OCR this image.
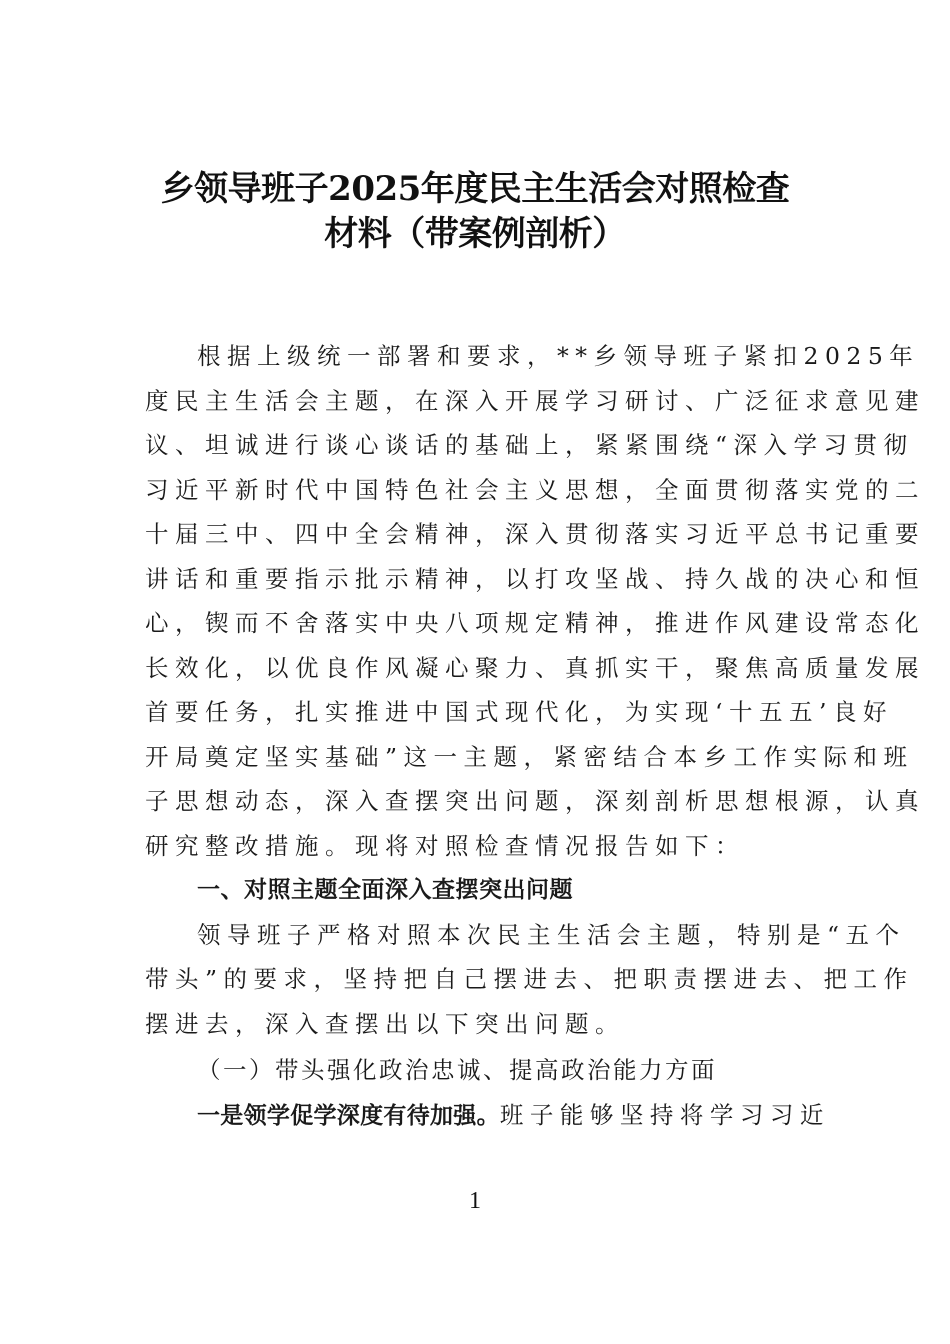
乡领导班子2025年度民主生活会对照检查
材料（带案例剖析）
根据上级统一部署和要求，**乡领导班子紧扣2025年
度民主生活会主题，在深入开展学习研讨、广泛征求意见建
议、坦诚进行谈心谈话的基础上，紧紧围绕“深入学习贯彻
习近平新时代中国特色社会主义思想，全面贯彻落实党的二
十届三中、四中全会精神，深入贯彻落实习近平总书记重要
讲话和重要指示批示精神，以打攻坚战、持久战的决心和恒
心，锲而不舍落实中央八项规定精神，推进作风建设常态化
长效化，以优良作风凝心聚力、真抓实干，聚焦高质量发展
首要任务，扎实推进中国式现代化，为实现‘十五五’良好
开局奠定坚实基础”这一主题，紧密结合本乡工作实际和班
子思想动态，深入查摆突出问题，深刻剖析思想根源，认真
研究整改措施。现将对照检查情况报告如下：
一、对照主题全面深入查摆突出问题
领导班子严格对照本次民主生活会主题，特别是“五个
带头”的要求，坚持把自己摆进去、把职责摆进去、把工作
摆进去，深入查摆出以下突出问题。
（一）带头强化政治忠诚、提高政治能力方面
一是领学促学深度有待加强。班子能够坚持将学习习近
1
